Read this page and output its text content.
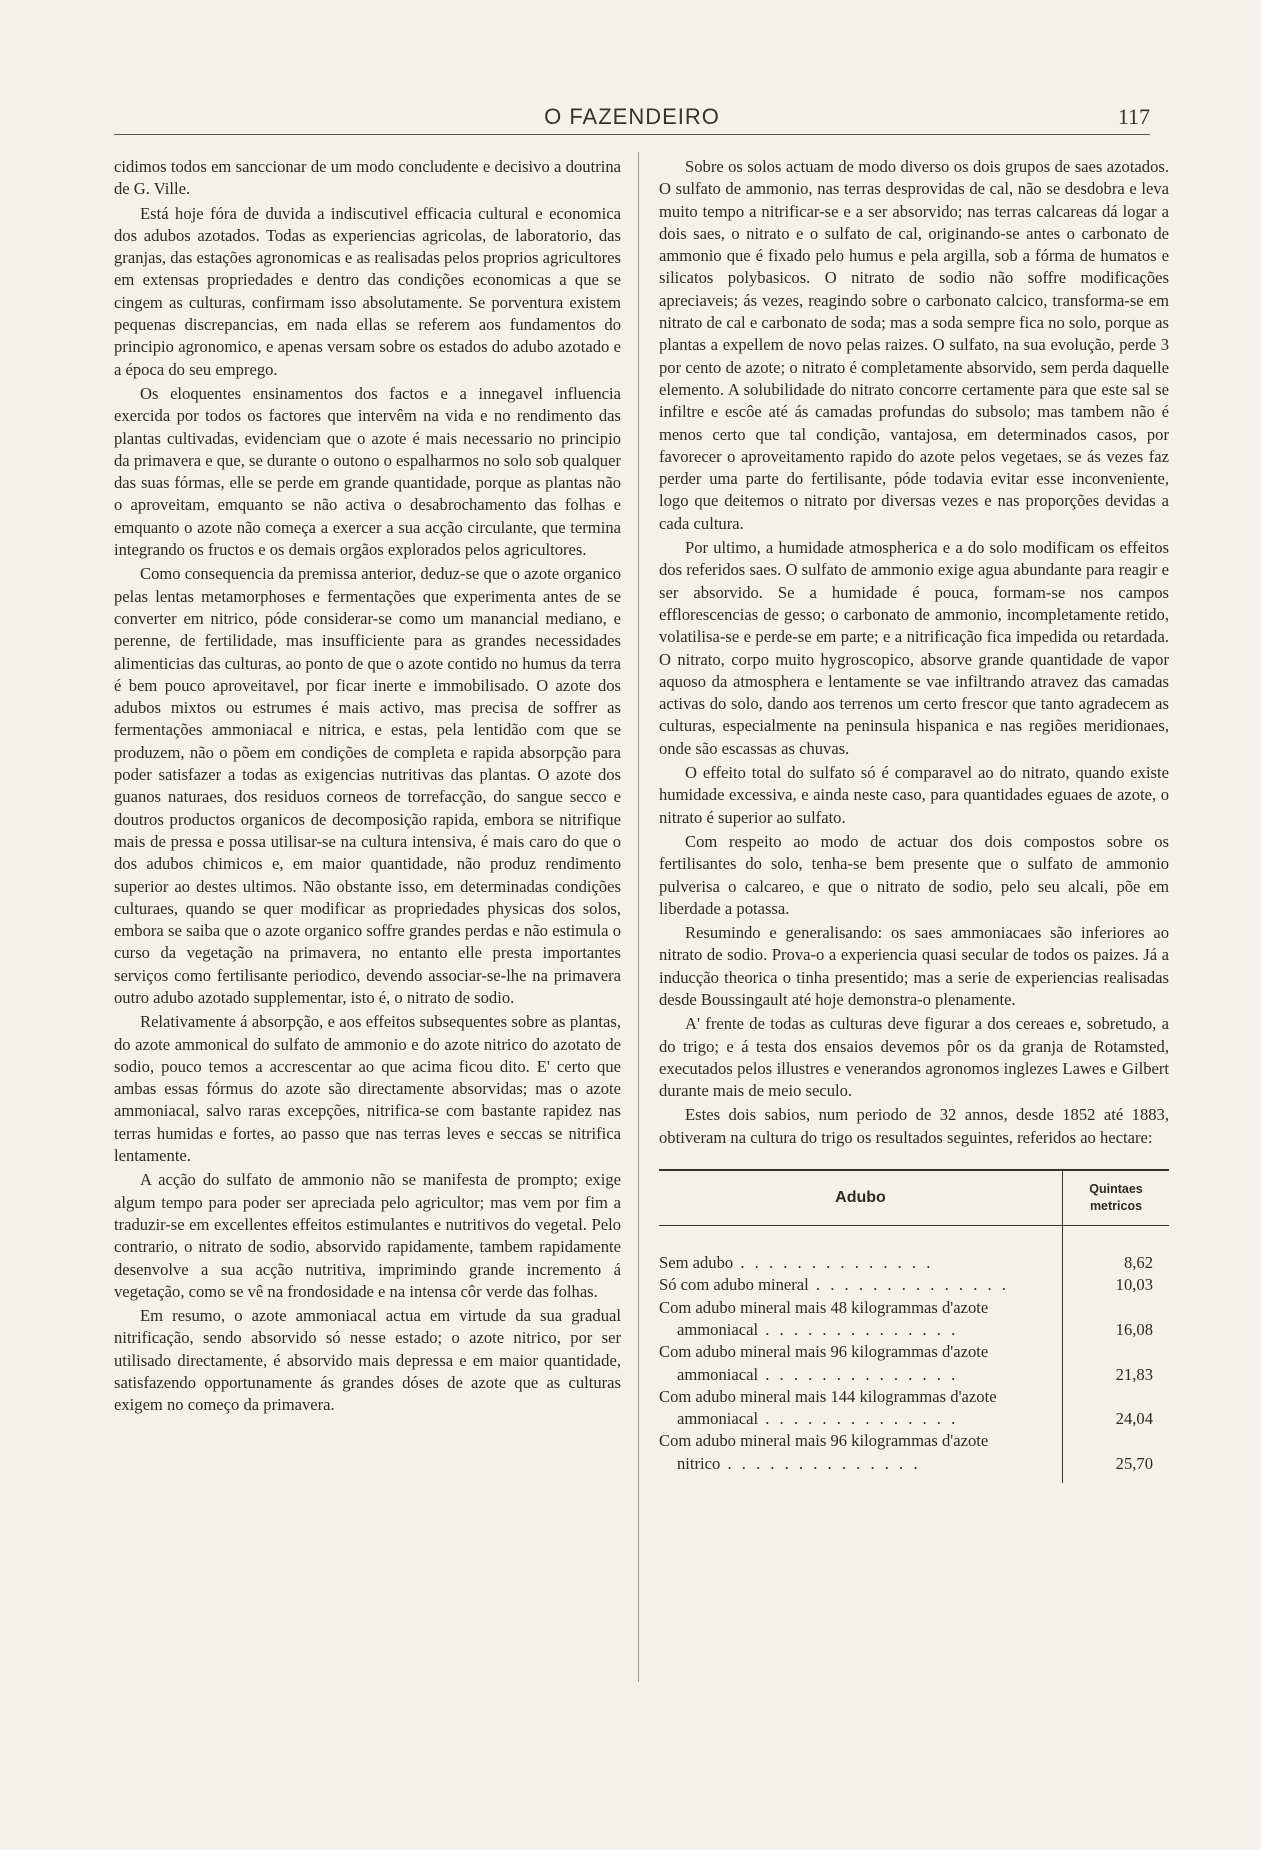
O FAZENDEIRO	117

cidimos todos em sanccionar de um modo concludente e decisivo a doutrina de G. Ville.

Está hoje fóra de duvida a indiscutivel efficacia cultural e economica dos adubos azotados. Todas as experiencias agricolas, de laboratorio, das granjas, das estações agronomicas e as realisadas pelos proprios agricultores em extensas propriedades e dentro das condições economicas a que se cingem as culturas, confirmam isso absolutamente. Se porventura existem pequenas discrepancias, em nada ellas se referem aos fundamentos do principio agronomico, e apenas versam sobre os estados do adubo azotado e a época do seu emprego.

Os eloquentes ensinamentos dos factos e a innegavel influencia exercida por todos os factores que intervêm na vida e no rendimento das plantas cultivadas, evidenciam que o azote é mais necessario no principio da primavera e que, se durante o outono o espalharmos no solo sob qualquer das suas fórmas, elle se perde em grande quantidade, porque as plantas não o aproveitam, emquanto se não activa o desabrochamento das folhas e emquanto o azote não começa a exercer a sua acção circulante, que termina integrando os fructos e os demais orgãos explorados pelos agricultores.

Como consequencia da premissa anterior, deduz-se que o azote organico pelas lentas metamorphoses e fermentações que experimenta antes de se converter em nitrico, póde considerar-se como um manancial mediano, e perenne, de fertilidade, mas insufficiente para as grandes necessidades alimenticias das culturas, ao ponto de que o azote contido no humus da terra é bem pouco aproveitavel, por ficar inerte e immobilisado. O azote dos adubos mixtos ou estrumes é mais activo, mas precisa de soffrer as fermentações ammoniacal e nitrica, e estas, pela lentidão com que se produzem, não o põem em condições de completa e rapida absorpção para poder satisfazer a todas as exigencias nutritivas das plantas. O azote dos guanos naturaes, dos residuos corneos de torrefacção, do sangue secco e doutros productos organicos de decomposição rapida, embora se nitrifique mais de pressa e possa utilisar-se na cultura intensiva, é mais caro do que o dos adubos chimicos e, em maior quantidade, não produz rendimento superior ao destes ultimos. Não obstante isso, em determinadas condições culturaes, quando se quer modificar as propriedades physicas dos solos, embora se saiba que o azote organico soffre grandes perdas e não estimula o curso da vegetação na primavera, no entanto elle presta importantes serviços como fertilisante periodico, devendo associar-se-lhe na primavera outro adubo azotado supplementar, isto é, o nitrato de sodio.

Relativamente á absorpção, e aos effeitos subsequentes sobre as plantas, do azote ammonical do sulfato de ammonio e do azote nitrico do azotato de sodio, pouco temos a accrescentar ao que acima ficou dito. E' certo que ambas essas fórmus do azote são directamente absorvidas; mas o azote ammoniacal, salvo raras excepções, nitrifica-se com bastante rapidez nas terras humidas e fortes, ao passo que nas terras leves e seccas se nitrifica lentamente.

A acção do sulfato de ammonio não se manifesta de prompto; exige algum tempo para poder ser apreciada pelo agricultor; mas vem por fim a traduzir-se em excellentes effeitos estimulantes e nutritivos do vegetal. Pelo contrario, o nitrato de sodio, absorvido rapidamente, tambem rapidamente desenvolve a sua acção nutritiva, imprimindo grande incremento á vegetação, como se vê na frondosidade e na intensa côr verde das folhas.

Em resumo, o azote ammoniacal actua em virtude da sua gradual nitrificação, sendo absorvido só nesse estado; o azote nitrico, por ser utilisado directamente, é absorvido mais depressa e em maior quantidade, satisfazendo opportunamente ás grandes dóses de azote que as culturas exigem no começo da primavera.

Sobre os solos actuam de modo diverso os dois grupos de saes azotados. O sulfato de ammonio, nas terras desprovidas de cal, não se desdobra e leva muito tempo a nitrificar-se e a ser absorvido; nas terras calcareas dá logar a dois saes, o nitrato e o sulfato de cal, originando-se antes o carbonato de ammonio que é fixado pelo humus e pela argilla, sob a fórma de humatos e silicatos polybasicos. O nitrato de sodio não soffre modificações apreciaveis; ás vezes, reagindo sobre o carbonato calcico, transforma-se em nitrato de cal e carbonato de soda; mas a soda sempre fica no solo, porque as plantas a expellem de novo pelas raizes. O sulfato, na sua evolução, perde 3 por cento de azote; o nitrato é completamente absorvido, sem perda daquelle elemento. A solubilidade do nitrato concorre certamente para que este sal se infiltre e escôe até ás camadas profundas do subsolo; mas tambem não é menos certo que tal condição, vantajosa, em determinados casos, por favorecer o aproveitamento rapido do azote pelos vegetaes, se ás vezes faz perder uma parte do fertilisante, póde todavia evitar esse inconveniente, logo que deitemos o nitrato por diversas vezes e nas proporções devidas a cada cultura.

Por ultimo, a humidade atmospherica e a do solo modificam os effeitos dos referidos saes. O sulfato de ammonio exige agua abundante para reagir e ser absorvido. Se a humidade é pouca, formam-se nos campos efflorescencias de gesso; o carbonato de ammonio, incompletamente retido, volatilisa-se e perde-se em parte; e a nitrificação fica impedida ou retardada. O nitrato, corpo muito hygroscopico, absorve grande quantidade de vapor aquoso da atmosphera e lentamente se vae infiltrando atravez das camadas activas do solo, dando aos terrenos um certo frescor que tanto agradecem as culturas, especialmente na peninsula hispanica e nas regiões meridionaes, onde são escassas as chuvas.

O effeito total do sulfato só é comparavel ao do nitrato, quando existe humidade excessiva, e ainda neste caso, para quantidades eguaes de azote, o nitrato é superior ao sulfato.

Com respeito ao modo de actuar dos dois compostos sobre os fertilisantes do solo, tenha-se bem presente que o sulfato de ammonio pulverisa o calcareo, e que o nitrato de sodio, pelo seu alcali, põe em liberdade a potassa.

Resumindo e generalisando: os saes ammoniacaes são inferiores ao nitrato de sodio. Prova-o a experiencia quasi secular de todos os paizes. Já a inducção theorica o tinha presentido; mas a serie de experiencias realisadas desde Boussingault até hoje demonstra-o plenamente.

A' frente de todas as culturas deve figurar a dos cereaes e, sobretudo, a do trigo; e á testa dos ensaios devemos pôr os da granja de Rotamsted, executados pelos illustres e venerandos agronomos inglezes Lawes e Gilbert durante mais de meio seculo.

Estes dois sabios, num periodo de 32 annos, desde 1852 até 1883, obtiveram na cultura do trigo os resultados seguintes, referidos ao hectare:

Adubo	Quintaes
metricos
Sem adubo . . .	8,62
Só com adubo mineral . . .	10,03
Com adubo mineral mais 48 kilogrammas d'azote
ammoniacal . . .	16,08
Com adubo mineral mais 96 kilogrammas d'azote
ammoniacal . . .	21,83
Com adubo mineral mais 144 kilogrammas d'azote
ammoniacal . . .	24,04
Com adubo mineral mais 96 kilogrammas d'azote
nitrico . . .	25,70
